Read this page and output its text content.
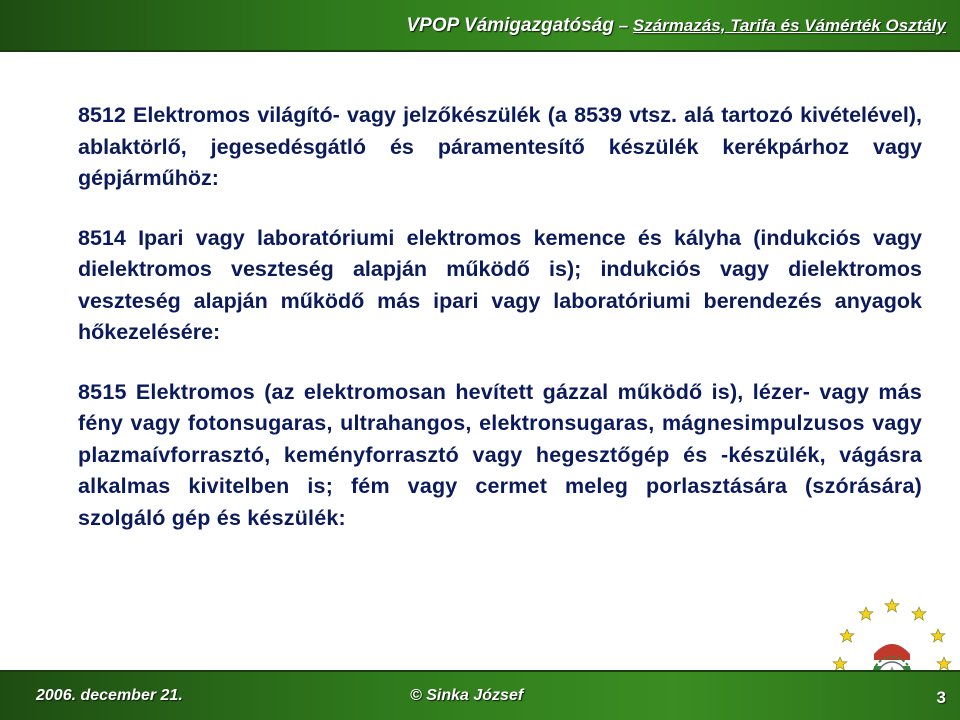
VPOP Vámigazgatóság – Származás, Tarifa és Vámérték Osztály

8512 Elektromos világító- vagy jelzőkészülék (a 8539 vtsz. alá tartozó kivételével), ablaktörlő, jegesedésgátló és páramentesítő készülék kerékpárhoz vagy gépjárműhöz:

8514 Ipari vagy laboratóriumi elektromos kemence és kályha (indukciós vagy dielektromos veszteség alapján működő is); indukciós vagy dielektromos veszteség alapján működő más ipari vagy laboratóriumi berendezés anyagok hőkezelésére:

8515 Elektromos (az elektromosan hevített gázzal működő is), lézer- vagy más fény vagy fotonsugaras, ultrahangos, elektronsugaras, mágnesimpulzusos vagy plazmaívforrasztó, keményforrasztó vagy hegesztőgép és -készülék, vágásra alkalmas kivitelben is; fém vagy cermet meleg porlasztására (szórására) szolgáló gép és készülék:

2006. december 21.	© Sinka József	3
